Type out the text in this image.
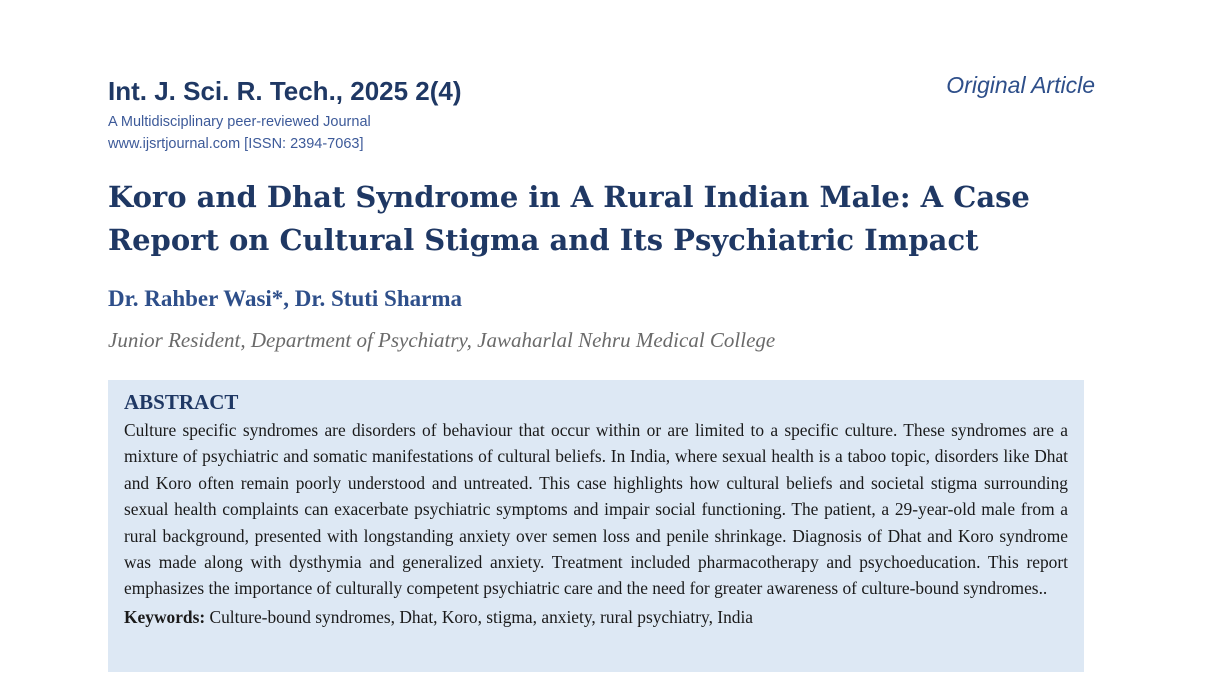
Int. J. Sci. R. Tech., 2025 2(4)	Original Article
A Multidisciplinary peer-reviewed Journal
www.ijsrtjournal.com [ISSN: 2394-7063]
Koro and Dhat Syndrome in A Rural Indian Male: A Case Report on Cultural Stigma and Its Psychiatric Impact
Dr. Rahber Wasi*, Dr. Stuti Sharma
Junior Resident, Department of Psychiatry, Jawaharlal Nehru Medical College
ABSTRACT

Culture specific syndromes are disorders of behaviour that occur within or are limited to a specific culture. These syndromes are a mixture of psychiatric and somatic manifestations of cultural beliefs. In India, where sexual health is a taboo topic, disorders like Dhat and Koro often remain poorly understood and untreated. This case highlights how cultural beliefs and societal stigma surrounding sexual health complaints can exacerbate psychiatric symptoms and impair social functioning. The patient, a 29-year-old male from a rural background, presented with longstanding anxiety over semen loss and penile shrinkage. Diagnosis of Dhat and Koro syndrome was made along with dysthymia and generalized anxiety. Treatment included pharmacotherapy and psychoeducation. This report emphasizes the importance of culturally competent psychiatric care and the need for greater awareness of culture-bound syndromes..

Keywords: Culture-bound syndromes, Dhat, Koro, stigma, anxiety, rural psychiatry, India
